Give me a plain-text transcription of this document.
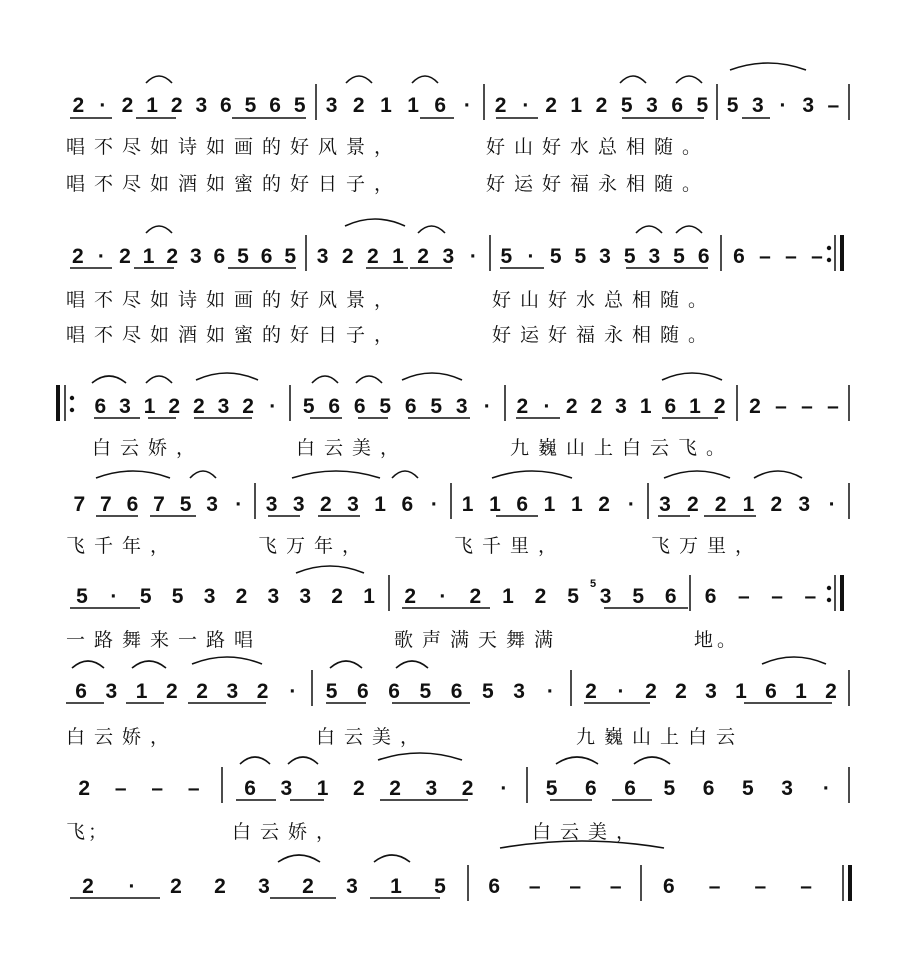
2 · 2 1 2 3 6 5 6 5 3 2 1 1 6 · 2 · 2 1 2 5 3 6 5 5 3 · 3 –
唱 不 尽 如 诗 如 画 的 好 风 景 ，	好 山 好 水 总 相 随 。
唱 不 尽 如 酒 如 蜜 的 好 日 子 ，	好 运 好 福 永 相 随 。
2 · 2 1 2 3 6 5 6 5 3 2 2 1 2 3 · 5 · 5 5 3 5 3 5 6 6 – – –
唱 不 尽 如 诗 如 画 的 好 风 景 ，	好 山 好 水 总 相 随 。
唱 不 尽 如 酒 如 蜜 的 好 日 子 ，	好 运 好 福 永 相 随 。
6 3 1 2 2 3 2 · 5 6 6 5 6 5 3 · 2 · 2 2 3 1 6 1 2 2 – – –
白 云 娇 ，	白 云 美 ，	九 巍 山 上 白 云 飞 。
7 7 6 7 5 3 · 3 3 2 3 1 6 · 1 1 6 1 1 2 · 3 2 2 1 2 3 ·
飞 千 年 ，	飞 万 年 ，	飞 千 里 ，	飞 万 里 ，
5 · 5 5 3 2 3 3 2 1 2 · 2 1 2 5 3 5 6 6 – – –
5
一 路 舞 来 一 路 唱	歌 声 满 天 舞 满	地 。
6 3 1 2 2 3 2 · 5 6 6 5 6 5 3 · 2 · 2 2 3 1 6 1 2
白 云 娇 ，	白 云 美 ，	九 巍 山 上 白 云
2 – – – 6 3 1 2 2 3 2 · 5 6 6 5 6 5 3 ·
飞 ；	白 云 娇 ，	白 云 美 ，
2 · 2 2 3 2 3 1 5 6 – – – 6 – – –
